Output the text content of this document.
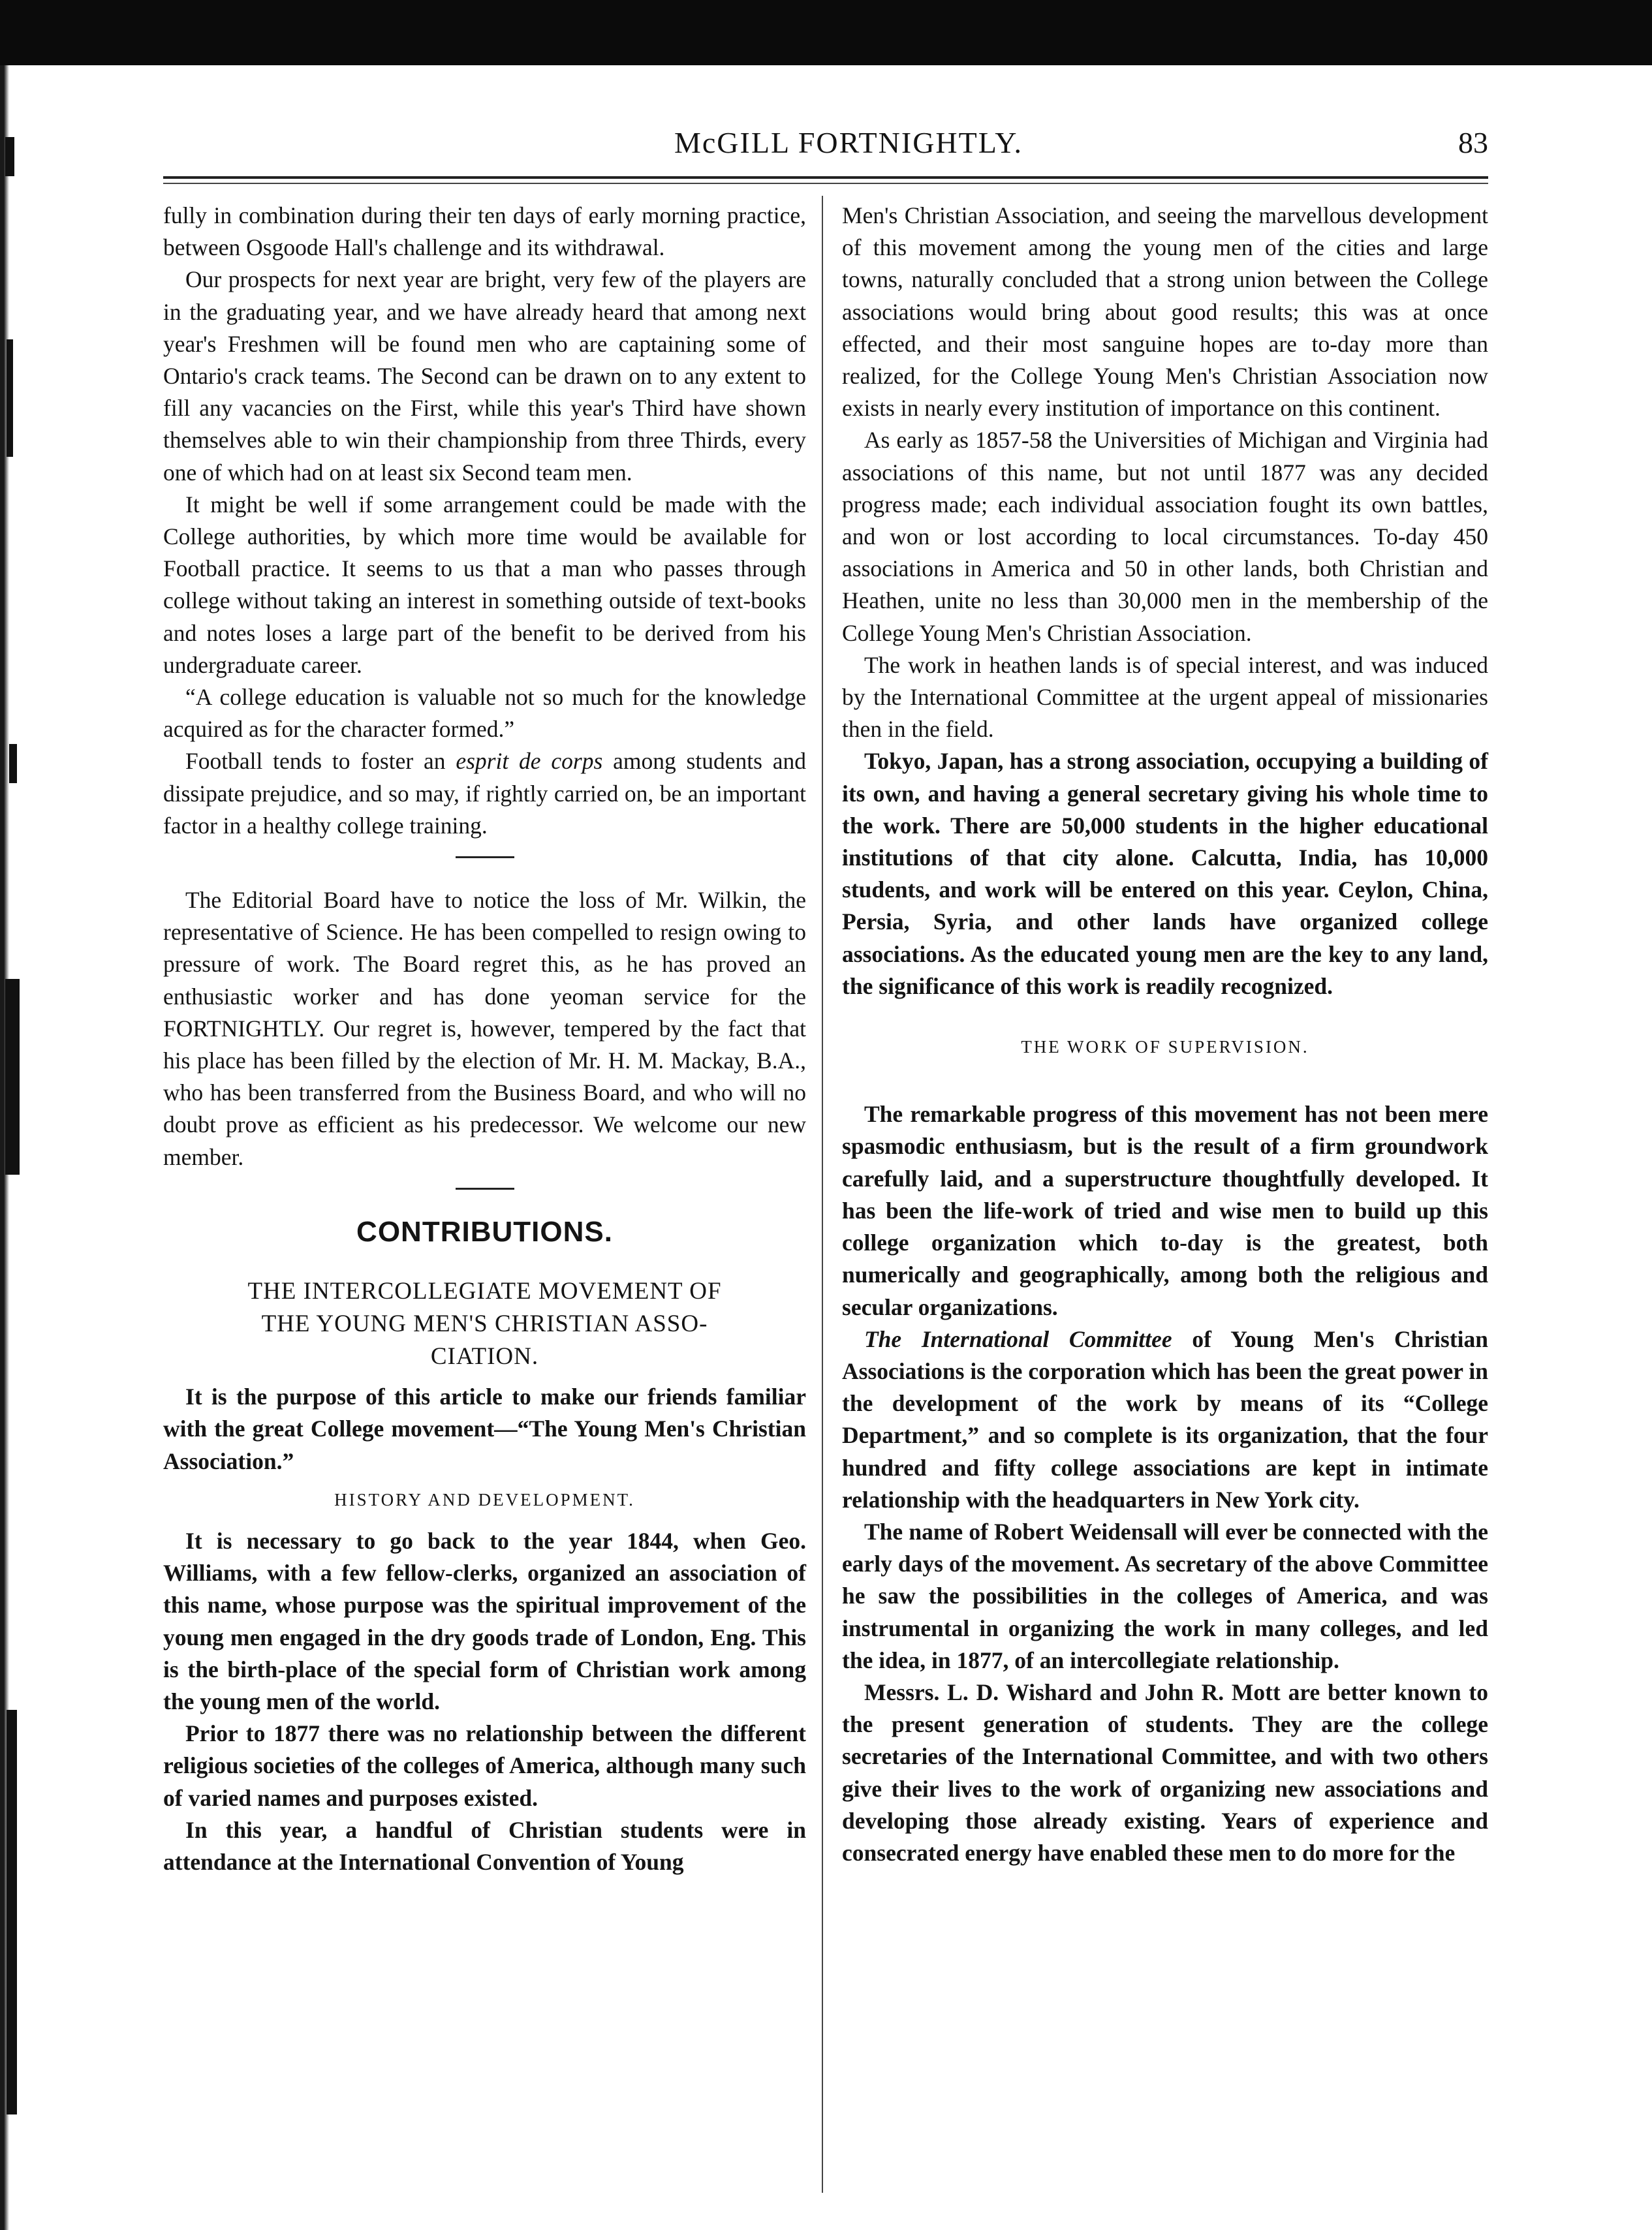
McGILL FORTNIGHTLY.	83

fully in combination during their ten days of early morning practice, between Osgoode Hall's challenge and its withdrawal.

Our prospects for next year are bright, very few of the players are in the graduating year, and we have already heard that among next year's Freshmen will be found men who are captaining some of Ontario's crack teams. The Second can be drawn on to any extent to fill any vacancies on the First, while this year's Third have shown themselves able to win their championship from three Thirds, every one of which had on at least six Second team men.

It might be well if some arrangement could be made with the College authorities, by which more time would be available for Football practice. It seems to us that a man who passes through college without taking an interest in something outside of text-books and notes loses a large part of the benefit to be derived from his undergraduate career.

“A college education is valuable not so much for the knowledge acquired as for the character formed.”

Football tends to foster an esprit de corps among students and dissipate prejudice, and so may, if rightly carried on, be an important factor in a healthy college training.

The Editorial Board have to notice the loss of Mr. Wilkin, the representative of Science. He has been compelled to resign owing to pressure of work. The Board regret this, as he has proved an enthusiastic worker and has done yeoman service for the FORTNIGHTLY. Our regret is, however, tempered by the fact that his place has been filled by the election of Mr. H. M. Mackay, B.A., who has been transferred from the Business Board, and who will no doubt prove as efficient as his predecessor. We welcome our new member.

CONTRIBUTIONS.
THE INTERCOLLEGIATE MOVEMENT OF
THE YOUNG MEN'S CHRISTIAN ASSO-
CIATION.

It is the purpose of this article to make our friends familiar with the great College movement—“The Young Men's Christian Association.”

HISTORY AND DEVELOPMENT.

It is necessary to go back to the year 1844, when Geo. Williams, with a few fellow-clerks, organized an association of this name, whose purpose was the spiritual improvement of the young men engaged in the dry goods trade of London, Eng. This is the birth-place of the special form of Christian work among the young men of the world.

Prior to 1877 there was no relationship between the different religious societies of the colleges of America, although many such of varied names and purposes existed.

In this year, a handful of Christian students were in attendance at the International Convention of Young

Men's Christian Association, and seeing the marvellous development of this movement among the young men of the cities and large towns, naturally concluded that a strong union between the College associations would bring about good results; this was at once effected, and their most sanguine hopes are to-day more than realized, for the College Young Men's Christian Association now exists in nearly every institution of importance on this continent.

As early as 1857-58 the Universities of Michigan and Virginia had associations of this name, but not until 1877 was any decided progress made; each individual association fought its own battles, and won or lost according to local circumstances. To-day 450 associations in America and 50 in other lands, both Christian and Heathen, unite no less than 30,000 men in the membership of the College Young Men's Christian Association.

The work in heathen lands is of special interest, and was induced by the International Committee at the urgent appeal of missionaries then in the field.

Tokyo, Japan, has a strong association, occupying a building of its own, and having a general secretary giving his whole time to the work. There are 50,000 students in the higher educational institutions of that city alone. Calcutta, India, has 10,000 students, and work will be entered on this year. Ceylon, China, Persia, Syria, and other lands have organized college associations. As the educated young men are the key to any land, the significance of this work is readily recognized.

THE WORK OF SUPERVISION.

The remarkable progress of this movement has not been mere spasmodic enthusiasm, but is the result of a firm groundwork carefully laid, and a superstructure thoughtfully developed. It has been the life-work of tried and wise men to build up this college organization which to-day is the greatest, both numerically and geographically, among both the religious and secular organizations.

The International Committee of Young Men's Christian Associations is the corporation which has been the great power in the development of the work by means of its “College Department,” and so complete is its organization, that the four hundred and fifty college associations are kept in intimate relationship with the headquarters in New York city.

The name of Robert Weidensall will ever be connected with the early days of the movement. As secretary of the above Committee he saw the possibilities in the colleges of America, and was instrumental in organizing the work in many colleges, and led the idea, in 1877, of an intercollegiate relationship.

Messrs. L. D. Wishard and John R. Mott are better known to the present generation of students. They are the college secretaries of the International Committee, and with two others give their lives to the work of organizing new associations and developing those already existing. Years of experience and consecrated energy have enabled these men to do more for the
